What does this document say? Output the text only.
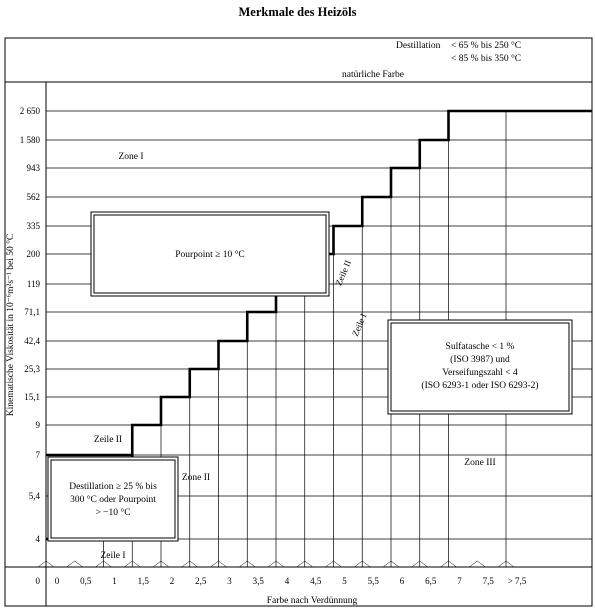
Merkmale des Heizöls
Destillation < 65 % bis 250 °C
< 85 % bis 350 °C
natürliche Farbe
0
4
5,4
7
9
15,1
25,3
42,4
71,1
119
200
335
562
943
1 580
2 650
0 0,5 1 1,5 2 2,5 3 3,5 4 4,5 5 5,5 6 6,5 7 7,5 > 7,5
Kinematische Viskosität in 10⁻⁶m²s⁻¹ bei 50 °C
Farbe nach Verdünnung
Zone I
Zeile II
Zone II
Zeile I
Zone III
Zeile II
Zeile I
Pourpoint ≥ 10 °C
Destillation ≥ 25 % bis
300 °C oder Pourpoint
> −10 °C
Sulfatasche < 1 %
(ISO 3987) und
Verseifungszahl < 4
(ISO 6293-1 oder ISO 6293-2)
